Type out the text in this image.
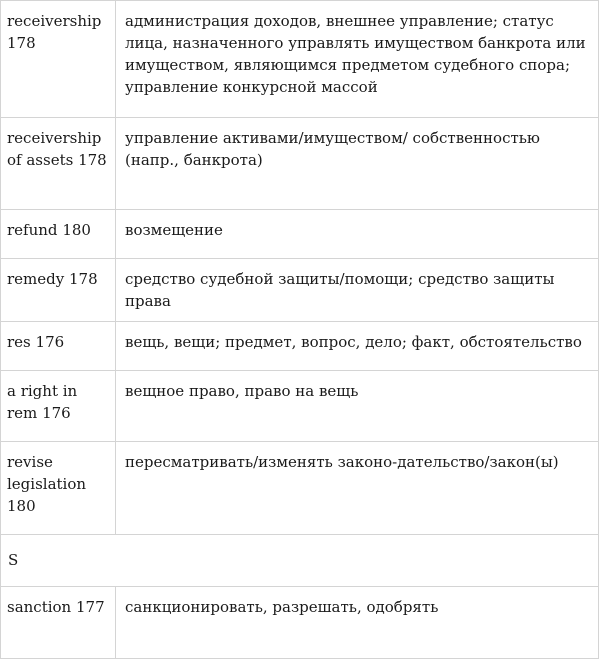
receivership 178	администрация доходов, внешнее управление; статус лица, назначенного управлять имуществом банкрота или имуществом, являющимся предметом судебного спора; управление конкурсной массой
receivership of assets 178	управление активами/имуществом/ собственностью (напр., банкрота)
refund 180	возмещение
remedy 178	средство судебной защиты/помощи; средство защиты права
res 176	вещь, вещи; предмет, вопрос, дело; факт, обстоятельство
a right in rem 176	вещное право, право на вещь
revise legislation 180	пересматривать/изменять законо-дательство/закон(ы)
S	
sanction 177	санкционировать, разрешать, одобрять
